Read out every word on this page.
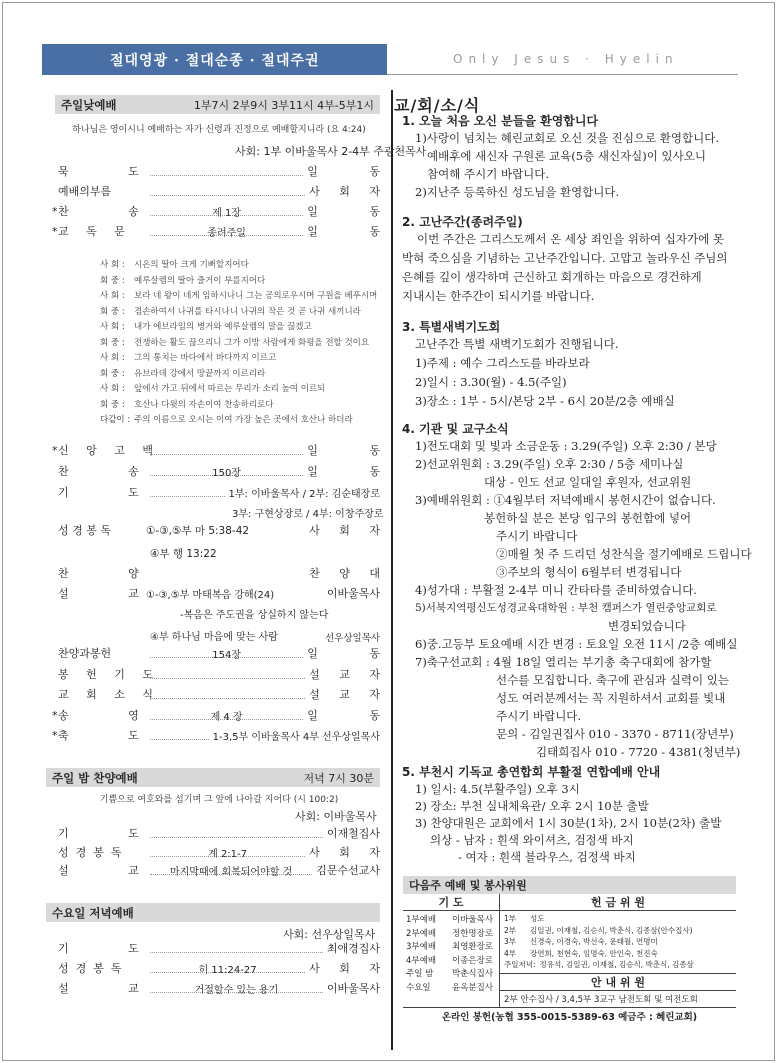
절대영광 · 절대순종 · 절대주권	Only Jesus · Hyelin
주일낮예배	1부7시 2부9시 3부11시 4부-5부1시
하나님은 영이시니 예배하는 자가 신령과 진정으로 예배할지니라 (요 4:24)
사회: 1부 이바울목사 2-4부 주광천목사
묵 도	일 동
예배의부름	사 회 자
* 찬 송	제 1장	일 동
* 교 독 문	종려주일	일 동
사 회 : 시온의 딸아 크게 기뻐할지어다
회 중 : 예루살렘의 딸아 즐거이 부를지어다
사 회 : 보라 네 왕이 네게 임하시나니 그는 공의로우시며 구원을 베푸시며
회 중 : 겸손하여서 나귀를 타시나니 나귀의 작은 것 곧 나귀 새끼니라
사 회 : 내가 에브라임의 병거와 예루살렘의 말을 끊겠고
회 중 : 전쟁하는 활도 끊으리니 그가 이방 사람에게 화평을 전할 것이요
사 회 : 그의 통치는 바다에서 바다까지 이르고
회 중 : 유브라데 강에서 땅끝까지 이르리라
사 회 : 앞에서 가고 뒤에서 따르는 무리가 소리 높여 이르되
회 중 : 호산나 다윗의 자손이여 찬송하리로다
다같이 : 주의 이름으로 오시는 이여 가장 높은 곳에서 호산나 하더라
* 신 앙 고 백	일 동
찬 송	150장	일 동
기 도	1부: 이바울목사 / 2부: 김순태장로
3부: 구현상장로 / 4부: 이창주장로
성 경 봉 독	①-③,⑤부 마 5:38-42	사 회 자
④부 행 13:22
찬 양	찬 양 대
설 교
①-③,⑤부 마태복음 강해(24)	이바울목사
-복음은 주도권을 상실하지 않는다
④부 하나님 마음에 맞는 사람	선우상일목사
찬양과봉헌	154장	일 동
봉 헌 기 도	설 교 자
교 회 소 식	설 교 자
* 송 영	제 4 장	일 동
* 축 도	1-3,5부 이바울목사 4부 선우상일목사
주일 밤 찬양예배	저녁 7시 30분
기쁨으로 여호와를 섬기며 그 앞에 나아갈 지어다 (시 100:2)
사회: 이바울목사
기 도	이재철집사
성경봉독	계 2:1-7	사 회 자
설 교 마지막때에 회복되어야할 것	김문수선교사
수요일 저녁예배
사회: 선우상일목사
기 도	최애경집사
성경봉독	히 11:24-27	사 회 자
설 교	거절할수 있는 용기	이바울목사
교/회/소/식
1. 오늘 처음 오신 분들을 환영합니다
1)사랑이 넘치는 혜린교회로 오신 것을 진심으로 환영합니다.
예배후에 새신자 구원론 교육(5층 새신자실)이 있사오니
참여해 주시기 바랍니다.
2)지난주 등록하신 성도님을 환영합니다.
2. 고난주간(종려주일)
이번 주간은 그리스도께서 온 세상 죄인을 위하여 십자가에 못
박혀 죽으심을 기념하는 고난주간입니다. 고맙고 놀라우신 주님의
은혜를 깊이 생각하며 근신하고 회개하는 마음으로 경건하게
지내시는 한주간이 되시기를 바랍니다.
3. 특별새벽기도회
고난주간 특별 새벽기도회가 진행됩니다.
1)주제 : 예수 그리스도를 바라보라
2)일시 : 3.30(월) - 4.5(주일)
3)장소 : 1부 - 5시/본당 2부 - 6시 20분/2층 예배실
4. 기관 및 교구소식
1)전도대회 및 빛과 소금운동 : 3.29(주일) 오후 2:30 / 본당
2)선교위원회 : 3.29(주일) 오후 2:30 / 5층 세미나실
대상 - 인도 선교 일대일 후원자, 선교위원
3)예배위원회 : ①4월부터 저녁예배시 봉헌시간이 없습니다.
봉헌하실 분은 본당 입구의 봉헌함에 넣어
주시기 바랍니다
②매월 첫 주 드리던 성찬식을 절기예배로 드립니다
③주보의 형식이 6월부터 변경됩니다
4)성가대 : 부활절 2-4부 미니 칸타타를 준비하였습니다.
5)서북지역평신도성경교육대학원 : 부천 캠퍼스가 열린중앙교회로
변경되었습니다
6)중.고등부 토요예배 시간 변경 : 토요일 오전 11시 /2층 예배실
7)축구선교회 : 4월 18일 열리는 부기총 축구대회에 참가할
선수를 모집합니다. 축구에 관심과 실력이 있는
성도 여러분께서는 꼭 지원하셔서 교회를 빛내
주시기 바랍니다.
문의 - 김일권집사 010 - 3370 - 8711(장년부)
김태희집사 010 - 7720 - 4381(청년부)
5. 부천시 기독교 총연합회 부활절 연합예배 안내
1) 일시: 4.5(부활주일) 오후 3시
2) 장소: 부천 실내체육관/ 오후 2시 10분 출발
3) 찬양대원은 교회에서 1시 30분(1차), 2시 10분(2차) 출발
의상 - 남자 : 흰색 와이셔츠, 검정색 바지
- 여자 : 흰색 블라우스, 검정색 바지
다음주 예배 및 봉사위원
기 도	헌 금 위 원
1부예배	이바울목사
2부예배	정한명장로
3부예배	최영환장로
4부예배	이종은장로
주일 밤	박춘식집사
수요일	윤옥분집사
1부	성도
2부	김일권, 이재철, 김승식, 박춘식, 김종삼(안수집사)
3부	신경숙, 이경숙, 박선숙, 윤태월, 연명미
4부	장연희, 천현숙, 임명숙, 안인숙, 천진숙
주일저녁: 정유석, 김일권, 이재철, 김승식, 박춘식, 김종삼
안 내 위 원
2부 안수집사 / 3,4,5부 3교구 남전도회 및 여전도회
온라인 봉헌(농협 355-0015-5389-63 예금주 : 혜린교회)
